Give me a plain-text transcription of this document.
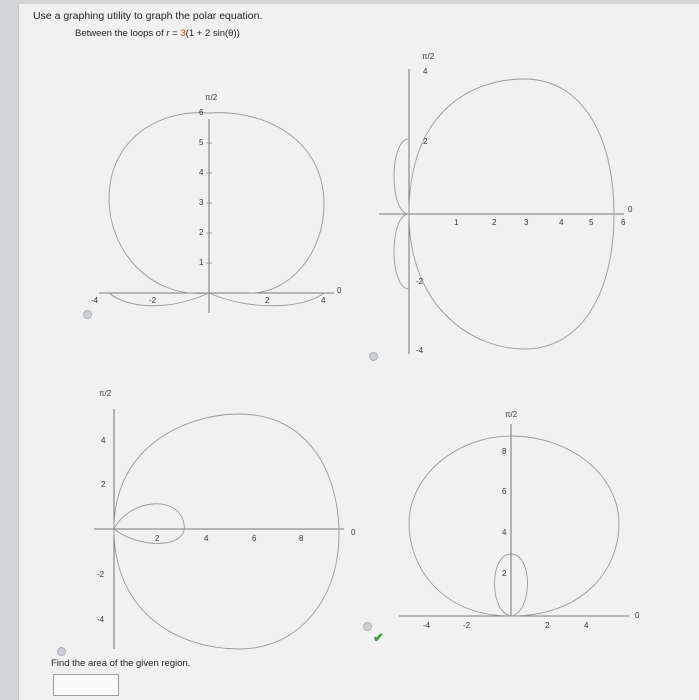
Use a graphing utility to graph the polar equation.
Between the loops of r = 3(1 + 2 sin(θ))
π/2
0
1
2
3
4
5
6
-4	-2	2	4
π/2
0
4
2
-2
-4
1	2	3	4	5	6
π/2
0
4
2
-2
-4
2	4	6	8
π/2
0
8
6
4
2
-4	-2	2	4
✔
Find the area of the given region.
